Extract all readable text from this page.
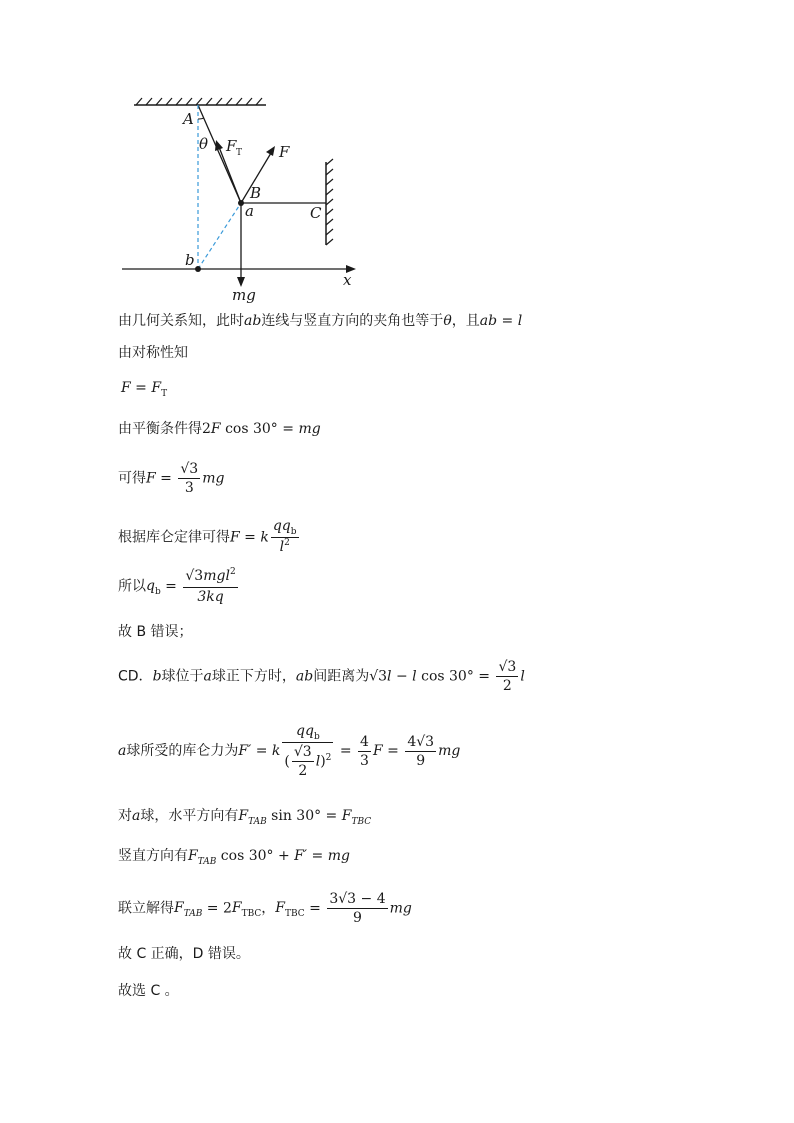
A
θ F T F
B
a	C
b
x
mg
由几何关系知，此时ab连线与竖直方向的夹角也等于θ，且ab = l
由对称性知
$F = F_T$
由平衡条件得2F cos 30° = mg
可得$F = \frac{√3}{3}$ mg
根据库仑定律可得F = k $\frac{qq_b}{l^2}$
所以$q_b = \frac{√3mgl^2}{3kq}$
故 B 错误；
CD．b球位于a球正下方时，ab间距离为√3l − l $\cos 30^\circ = \frac{√3}{2}$ l
a球所受的库仑力为F′ = k $\frac{qq_b}{( \frac{√3}{2} l)^2} = \frac{4}{3}$ $F = \frac{4√3}{9}$ mg
对a球，水平方向有$F_{TAB}$ $\sin 30^\circ = F_{TBC}$
竖直方向有$F_{TAB}$ cos 30° + F′ = mg
联立解得$F_{TAB} = 2F_{TBC}$，$F_{TBC} = \frac{3√3 - 4}{9}$ mg
故 C 正确，D 错误。
故选 C 。
